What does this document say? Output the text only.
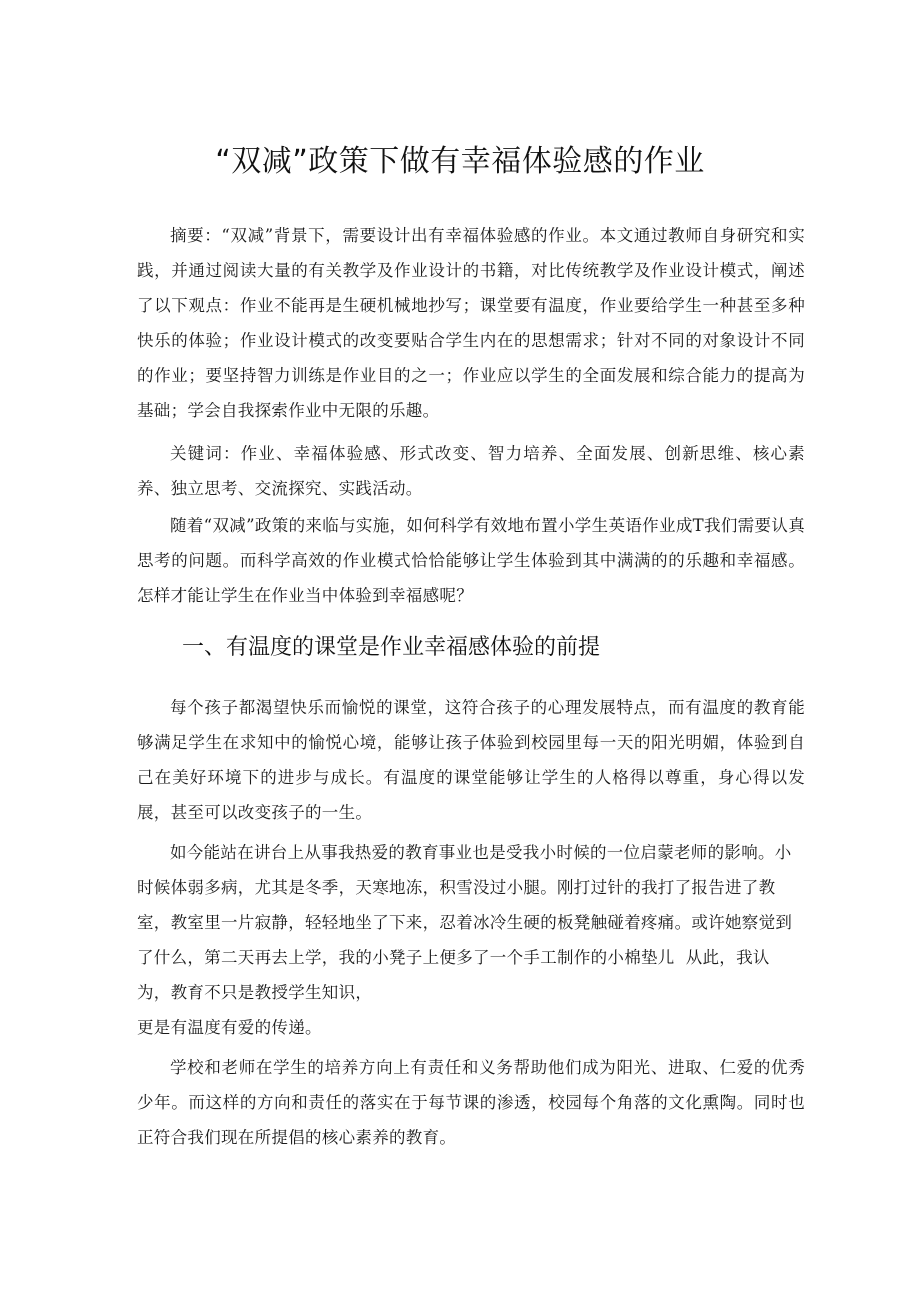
“双减”政策下做有幸福体验感的作业
摘要：“双减”背景下，需要设计出有幸福体验感的作业。本文通过教师自身研究和实践，并通过阅读大量的有关教学及作业设计的书籍，对比传统教学及作业设计模式，阐述了以下观点：作业不能再是生硬机械地抄写；课堂要有温度，作业要给学生一种甚至多种快乐的体验；作业设计模式的改变要贴合学生内在的思想需求；针对不同的对象设计不同的作业；要坚持智力训练是作业目的之一；作业应以学生的全面发展和综合能力的提高为基础；学会自我探索作业中无限的乐趣。
关键词：作业、幸福体验感、形式改变、智力培养、全面发展、创新思维、核心素养、独立思考、交流探究、实践活动。
随着“双减”政策的来临与实施，如何科学有效地布置小学生英语作业成T我们需要认真思考的问题。而科学高效的作业模式恰恰能够让学生体验到其中满满的的乐趣和幸福感。怎样才能让学生在作业当中体验到幸福感呢？
一、有温度的课堂是作业幸福感体验的前提
每个孩子都渴望快乐而愉悦的课堂，这符合孩子的心理发展特点，而有温度的教育能够满足学生在求知中的愉悦心境，能够让孩子体验到校园里每一天的阳光明媚，体验到自己在美好环境下的进步与成长。有温度的课堂能够让学生的人格得以尊重，身心得以发展，甚至可以改变孩子的一生。
如今能站在讲台上从事我热爱的教育事业也是受我小时候的一位启蒙老师的影响。小
时候体弱多病，尤其是冬季，天寒地冻，积雪没过小腿。刚打过针的我打了报告进了教
室，教室里一片寂静，轻轻地坐了下来，忍着冰冷生硬的板凳触碰着疼痛。或许她察觉到
了什么，第二天再去上学，我的小凳子上便多了一个手工制作的小棉垫儿  从此，我认
为，教育不只是教授学生知识，
更是有温度有爱的传递。
学校和老师在学生的培养方向上有责任和义务帮助他们成为阳光、进取、仁爱的优秀少年。而这样的方向和责任的落实在于每节课的渗透，校园每个角落的文化熏陶。同时也正符合我们现在所提倡的核心素养的教育。
